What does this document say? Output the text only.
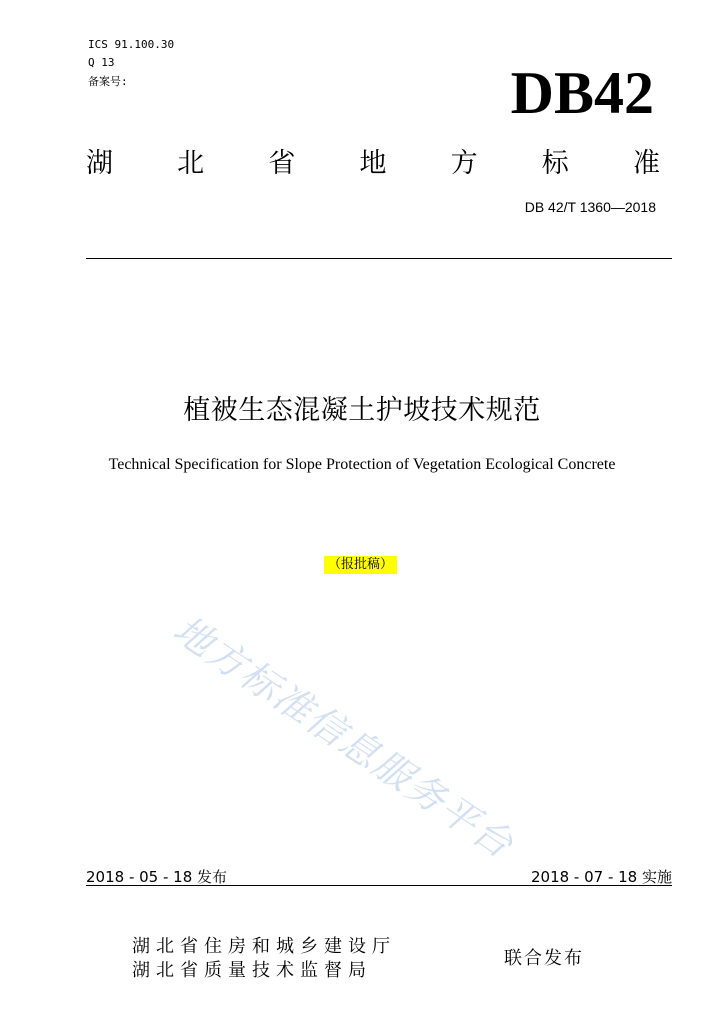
ICS 91.100.30
Q 13
备案号:	DB42
湖 北 省 地 方 标 准
DB 42/T 1360—2018
植被生态混凝土护坡技术规范
Technical Specification for Slope Protection of Vegetation Ecological Concrete
（报批稿）
地方标准信息服务平台
2018 - 05 - 18 发布	2018 - 07 - 18 实施
湖北省住房和城乡建设厅
湖北省质量技术监督局
联合发布
